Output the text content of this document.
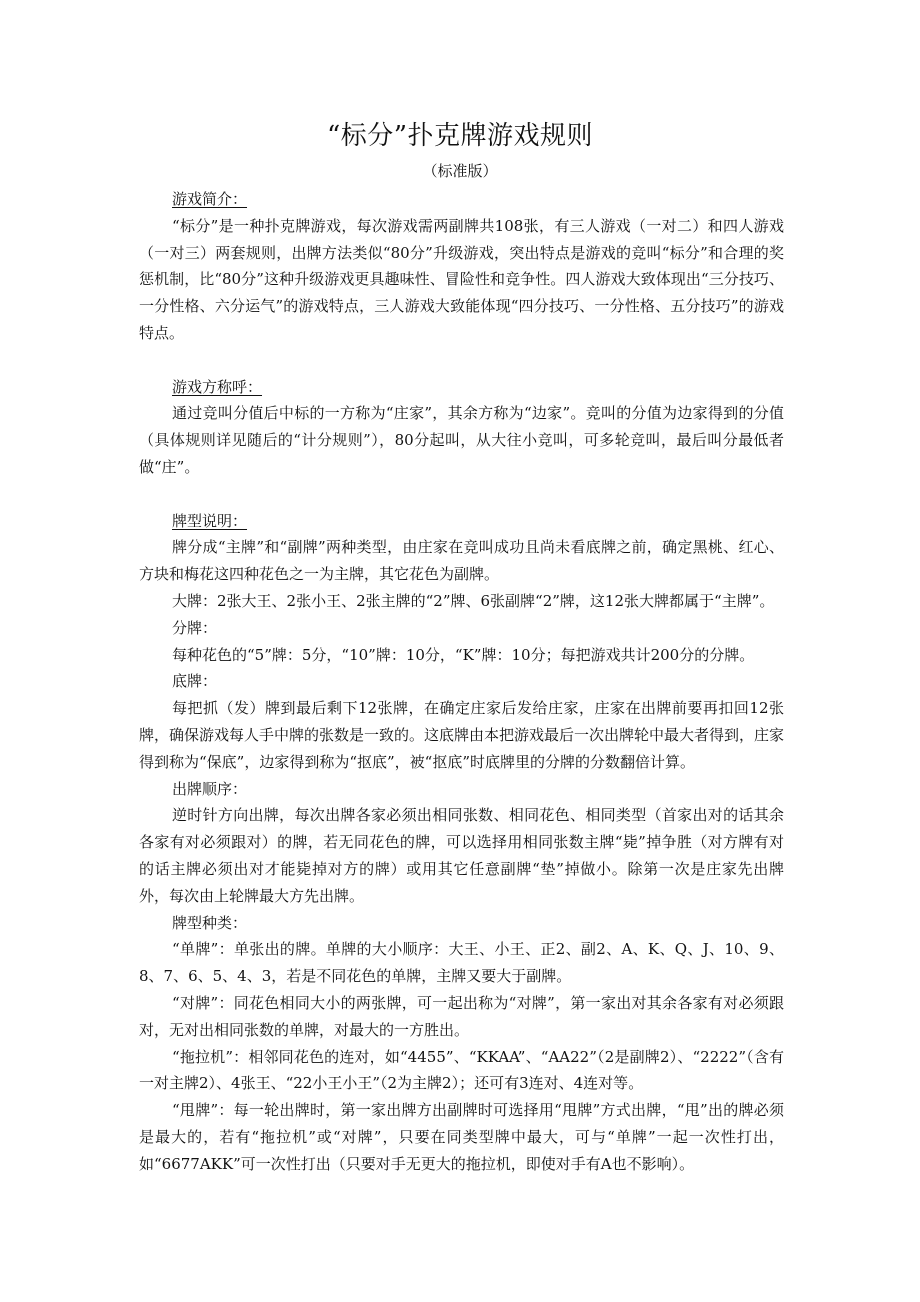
“标分”扑克牌游戏规则
（标准版）
游戏简介：

“标分”是一种扑克牌游戏，每次游戏需两副牌共108张，有三人游戏（一对二）和四人游戏（一对三）两套规则，出牌方法类似“80分”升级游戏，突出特点是游戏的竞叫“标分”和合理的奖惩机制，比“80分”这种升级游戏更具趣味性、冒险性和竞争性。四人游戏大致体现出“三分技巧、一分性格、六分运气”的游戏特点，三人游戏大致能体现“四分技巧、一分性格、五分技巧”的游戏特点。

游戏方称呼：

通过竞叫分值后中标的一方称为“庄家”，其余方称为“边家”。竞叫的分值为边家得到的分值（具体规则详见随后的“计分规则”），80分起叫，从大往小竞叫，可多轮竞叫，最后叫分最低者做“庄”。

牌型说明：

牌分成“主牌”和“副牌”两种类型，由庄家在竞叫成功且尚未看底牌之前，确定黑桃、红心、方块和梅花这四种花色之一为主牌，其它花色为副牌。

大牌：2张大王、2张小王、2张主牌的“2”牌、6张副牌“2”牌，这12张大牌都属于“主牌”。

分牌：

每种花色的“5”牌：5分，“10”牌：10分，“K”牌：10分；每把游戏共计200分的分牌。

底牌：

每把抓（发）牌到最后剩下12张牌，在确定庄家后发给庄家，庄家在出牌前要再扣回12张牌，确保游戏每人手中牌的张数是一致的。这底牌由本把游戏最后一次出牌轮中最大者得到，庄家得到称为“保底”，边家得到称为“抠底”，被“抠底”时底牌里的分牌的分数翻倍计算。

出牌顺序：

逆时针方向出牌，每次出牌各家必须出相同张数、相同花色、相同类型（首家出对的话其余各家有对必须跟对）的牌，若无同花色的牌，可以选择用相同张数主牌“毙”掉争胜（对方牌有对的话主牌必须出对才能毙掉对方的牌）或用其它任意副牌“垫”掉做小。除第一次是庄家先出牌外，每次由上轮牌最大方先出牌。

牌型种类：

“单牌”：单张出的牌。单牌的大小顺序：大王、小王、正2、副2、A、K、Q、J、10、9、8、7、6、5、4、3，若是不同花色的单牌，主牌又要大于副牌。

“对牌”：同花色相同大小的两张牌，可一起出称为“对牌”，第一家出对其余各家有对必须跟对，无对出相同张数的单牌，对最大的一方胜出。

“拖拉机”：相邻同花色的连对，如“4455”、“KKAA”、“AA22”（2是副牌2）、“2222”（含有一对主牌2）、4张王、“22小王小王”（2为主牌2）；还可有3连对、4连对等。

“甩牌”：每一轮出牌时，第一家出牌方出副牌时可选择用“甩牌”方式出牌，“甩”出的牌必须是最大的，若有“拖拉机”或“对牌”，只要在同类型牌中最大，可与“单牌”一起一次性打出，如“6677AKK”可一次性打出（只要对手无更大的拖拉机，即使对手有A也不影响）。
